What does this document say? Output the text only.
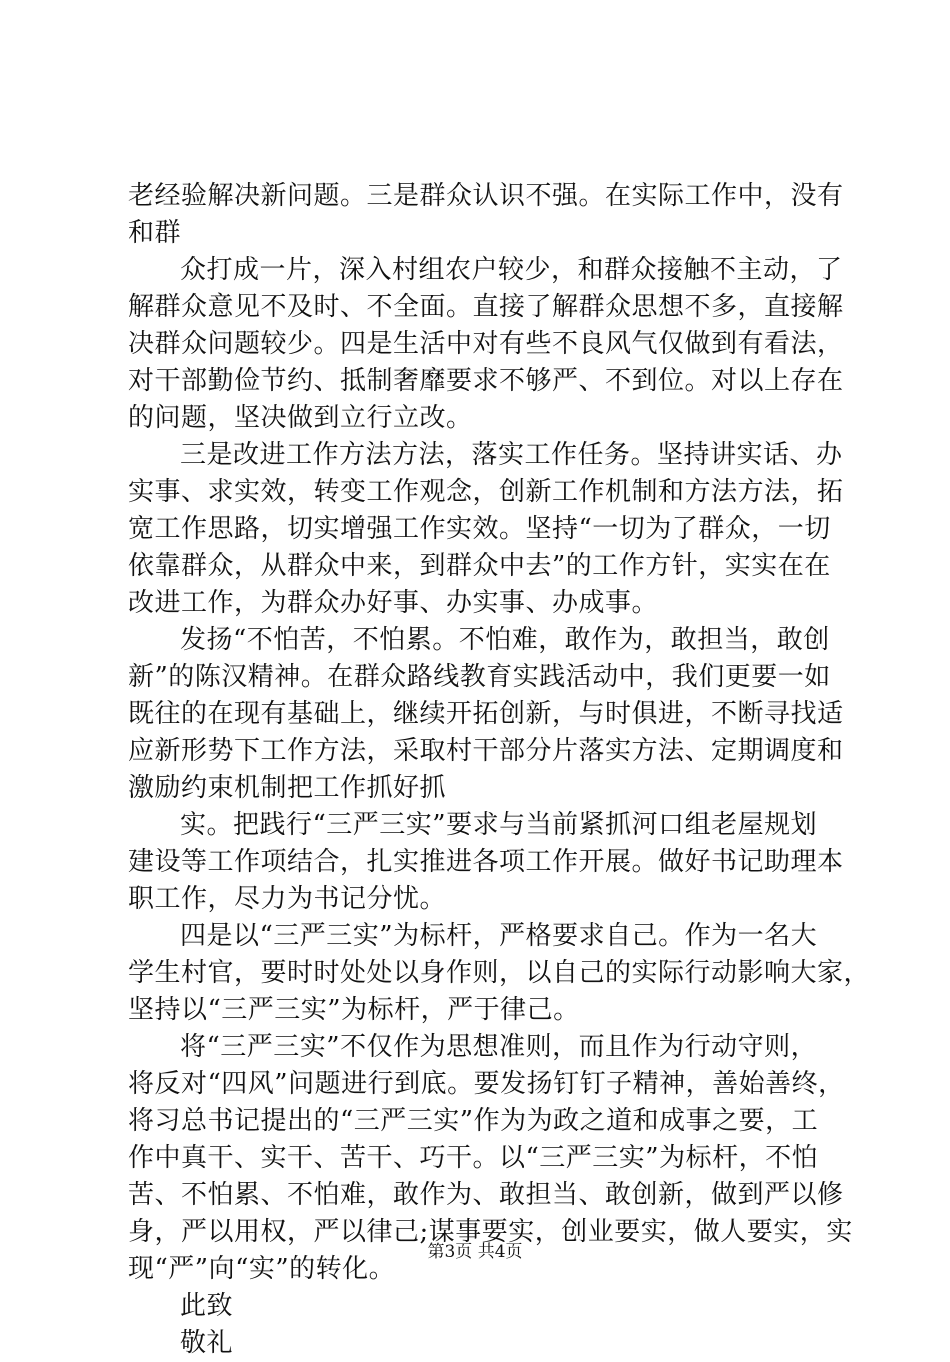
老经验解决新问题。三是群众认识不强。在实际工作中，没有
和群
众打成一片，深入村组农户较少，和群众接触不主动，了
解群众意见不及时、不全面。直接了解群众思想不多，直接解
决群众问题较少。四是生活中对有些不良风气仅做到有看法，
对干部勤俭节约、抵制奢靡要求不够严、不到位。对以上存在
的问题，坚决做到立行立改。
三是改进工作方法方法，落实工作任务。坚持讲实话、办
实事、求实效，转变工作观念，创新工作机制和方法方法，拓
宽工作思路，切实增强工作实效。坚持“一切为了群众，一切
依靠群众，从群众中来，到群众中去”的工作方针，实实在在
改进工作，为群众办好事、办实事、办成事。
发扬“不怕苦，不怕累。不怕难，敢作为，敢担当，敢创
新”的陈汉精神。在群众路线教育实践活动中，我们更要一如
既往的在现有基础上，继续开拓创新，与时俱进，不断寻找适
应新形势下工作方法，采取村干部分片落实方法、定期调度和
激励约束机制把工作抓好抓
实。把践行“三严三实”要求与当前紧抓河口组老屋规划
建设等工作项结合，扎实推进各项工作开展。做好书记助理本
职工作，尽力为书记分忧。
四是以“三严三实”为标杆，严格要求自己。作为一名大
学生村官，要时时处处以身作则，以自己的实际行动影响大家，
坚持以“三严三实”为标杆，严于律己。
将“三严三实”不仅作为思想准则，而且作为行动守则，
将反对“四风”问题进行到底。要发扬钉钉子精神，善始善终，
将习总书记提出的“三严三实”作为为政之道和成事之要，工
作中真干、实干、苦干、巧干。以“三严三实”为标杆，不怕
苦、不怕累、不怕难，敢作为、敢担当、敢创新，做到严以修
身，严以用权，严以律己;谋事要实，创业要实，做人要实，实
现“严”向“实”的转化。
此致
敬礼
第3页 共4页
